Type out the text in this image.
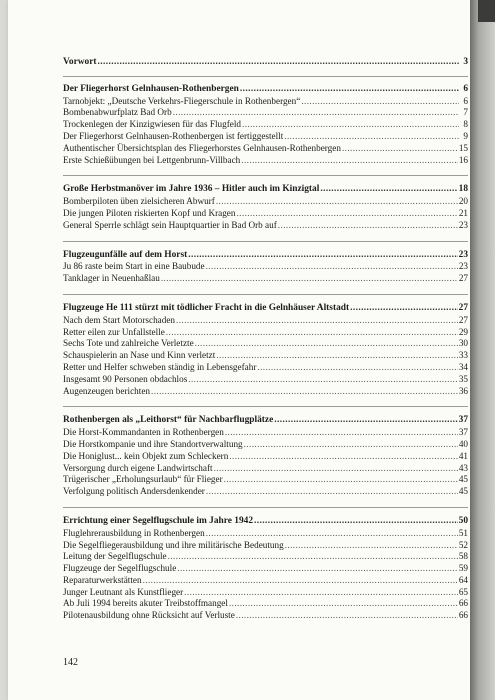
Vorwort .....	3
Der Fliegerhorst Gelnhausen-Rothenbergen .....	6
Tarnobjekt: „Deutsche Verkehrs-Fliegerschule in Rothenbergen“ .....	6
Bombenabwurfplatz Bad Orb .....	7
Trockenlegen der Kinzigwiesen für das Flugfeld .....	8
Der Fliegerhorst Gelnhausen-Rothenbergen ist fertiggestellt .....	9
Authentischer Übersichtsplan des Fliegerhorstes Gelnhausen-Rothenbergen .....	15
Erste Schießübungen bei Lettgenbrunn-Villbach .....	16
Große Herbstmanöver im Jahre 1936 – Hitler auch im Kinzigtal .....	18
Bomberpiloten üben zielsicheren Abwurf .....	20
Die jungen Piloten riskierten Kopf und Kragen .....	21
General Sperrle schlägt sein Hauptquartier in Bad Orb auf .....	23
Flugzeugunfälle auf dem Horst .....	23
Ju 86 raste beim Start in eine Baubude .....	23
Tanklager in Neuenhaßlau .....	27
Flugzeuge He 111 stürzt mit tödlicher Fracht in die Gelnhäuser Altstadt .....	27
Nach dem Start Motorschaden .....	27
Retter eilen zur Unfallstelle .....	29
Sechs Tote und zahlreiche Verletzte .....	30
Schauspielerin an Nase und Kinn verletzt .....	33
Retter und Helfer schweben ständig in Lebensgefahr .....	34
Insgesamt 90 Personen obdachlos .....	35
Augenzeugen berichten .....	36
Rothenbergen als „Leithorst“ für Nachbarflugplätze .....	37
Die Horst-Kommandanten in Rothenbergen .....	37
Die Horstkompanie und ihre Standortverwaltung .....	40
Die Honiglust... kein Objekt zum Schleckern .....	41
Versorgung durch eigene Landwirtschaft .....	43
Trügerischer „Erholungsurlaub“ für Flieger .....	45
Verfolgung politisch Andersdenkender .....	45
Errichtung einer Segelflugschule im Jahre 1942 .....	50
Fluglehrerausbildung in Rothenbergen .....	51
Die Segelfliegerausbildung und ihre militärische Bedeutung .....	52
Leitung der Segelflugschule .....	58
Flugzeuge der Segelflugschule .....	59
Reparaturwerkstätten .....	64
Junger Leutnant als Kunstflieger .....	65
Ab Juli 1994 bereits akuter Treibstoffmangel .....	66
Pilotenausbildung ohne Rücksicht auf Verluste .....	66
142
